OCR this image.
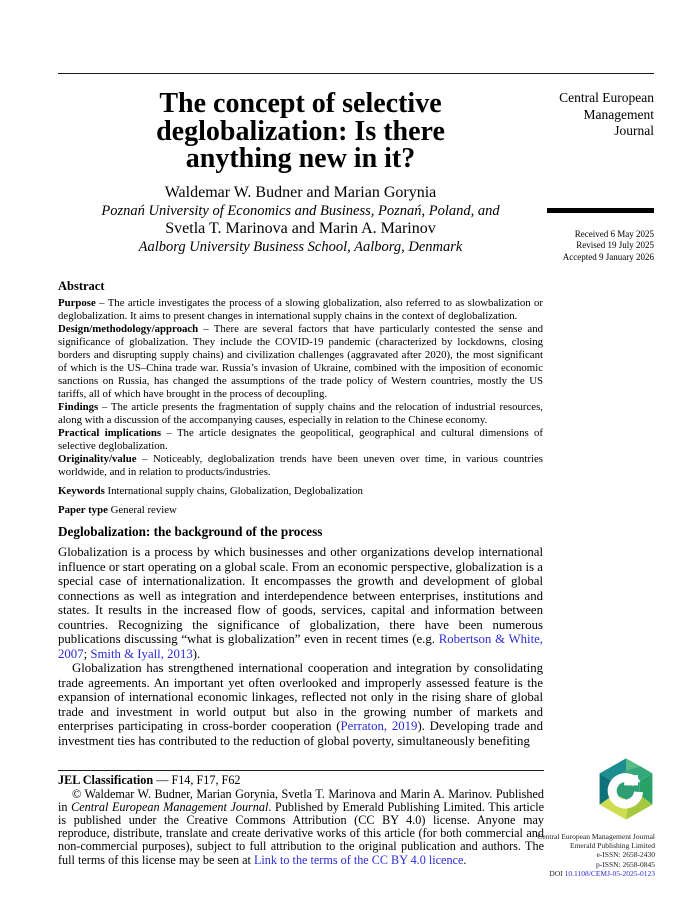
Central European
Management
Journal
Received 6 May 2025
Revised 19 July 2025
Accepted 9 January 2026
The concept of selective
deglobalization: Is there
anything new in it?
Waldemar W. Budner and Marian Gorynia
Poznań University of Economics and Business, Poznań, Poland, and
Svetla T. Marinova and Marin A. Marinov
Aalborg University Business School, Aalborg, Denmark
Abstract

Purpose – The article investigates the process of a slowing globalization, also referred to as slowbalization or deglobalization. It aims to present changes in international supply chains in the context of deglobalization.

Design/methodology/approach – There are several factors that have particularly contested the sense and significance of globalization. They include the COVID-19 pandemic (characterized by lockdowns, closing borders and disrupting supply chains) and civilization challenges (aggravated after 2020), the most significant of which is the US–China trade war. Russia’s invasion of Ukraine, combined with the imposition of economic sanctions on Russia, has changed the assumptions of the trade policy of Western countries, mostly the US tariffs, all of which have brought in the process of decoupling.

Findings – The article presents the fragmentation of supply chains and the relocation of industrial resources, along with a discussion of the accompanying causes, especially in relation to the Chinese economy.

Practical implications – The article designates the geopolitical, geographical and cultural dimensions of selective deglobalization.

Originality/value – Noticeably, deglobalization trends have been uneven over time, in various countries worldwide, and in relation to products/industries.

Keywords International supply chains, Globalization, Deglobalization

Paper type General review

Deglobalization: the background of the process

Globalization is a process by which businesses and other organizations develop international influence or start operating on a global scale. From an economic perspective, globalization is a special case of internationalization. It encompasses the growth and development of global connections as well as integration and interdependence between enterprises, institutions and states. It results in the increased flow of goods, services, capital and information between countries. Recognizing the significance of globalization, there have been numerous publications discussing “what is globalization” even in recent times (e.g. Robertson & White, 2007; Smith & Iyall, 2013).

Globalization has strengthened international cooperation and integration by consolidating trade agreements. An important yet often overlooked and improperly assessed feature is the expansion of international economic linkages, reflected not only in the rising share of global trade and investment in world output but also in the growing number of markets and enterprises participating in cross-border cooperation (Perraton, 2019). Developing trade and investment ties has contributed to the reduction of global poverty, simultaneously benefiting

JEL Classification — F14, F17, F62

© Waldemar W. Budner, Marian Gorynia, Svetla T. Marinova and Marin A. Marinov. Published in Central European Management Journal. Published by Emerald Publishing Limited. This article is published under the Creative Commons Attribution (CC BY 4.0) license. Anyone may reproduce, distribute, translate and create derivative works of this article (for both commercial and non-commercial purposes), subject to full attribution to the original publication and authors. The full terms of this license may be seen at Link to the terms of the CC BY 4.0 licence.

Central European Management Journal
Emerald Publishing Limited
e-ISSN: 2658-2430
p-ISSN: 2658-0845
DOI 10.1108/CEMJ-05-2025-0123
